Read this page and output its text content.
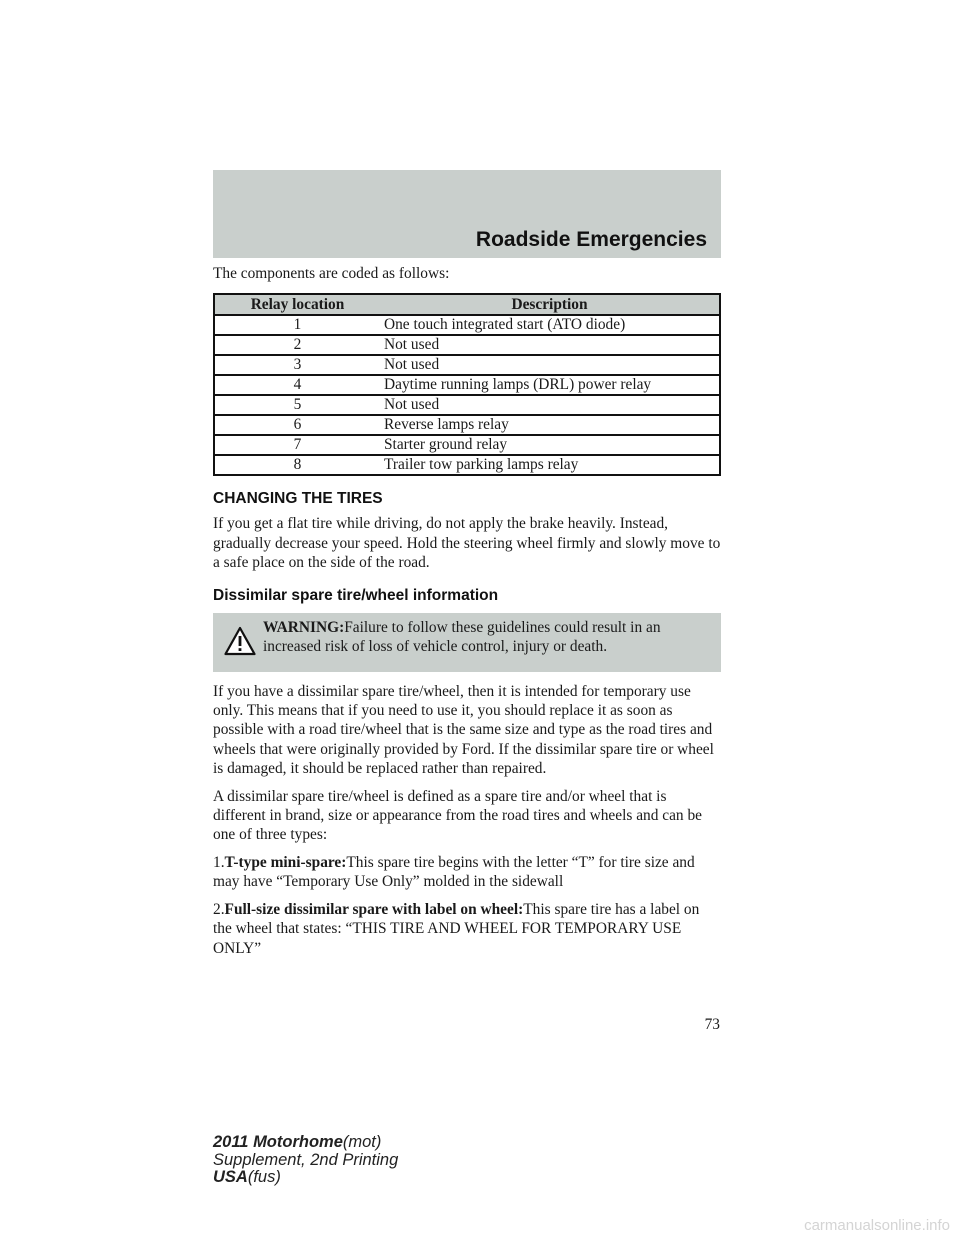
Roadside Emergencies

The components are coded as follows:

Relay location	Description
1	One touch integrated start (ATO diode)
2	Not used
3	Not used
4	Daytime running lamps (DRL) power relay
5	Not used
6	Reverse lamps relay
7	Starter ground relay
8	Trailer tow parking lamps relay
CHANGING THE TIRES

If you get a flat tire while driving, do not apply the brake heavily. Instead, gradually decrease your speed. Hold the steering wheel firmly and slowly move to a safe place on the side of the road.

Dissimilar spare tire/wheel information

WARNING:Failure to follow these guidelines could result in an increased risk of loss of vehicle control, injury or death.

If you have a dissimilar spare tire/wheel, then it is intended for temporary use only. This means that if you need to use it, you should replace it as soon as possible with a road tire/wheel that is the same size and type as the road tires and wheels that were originally provided by Ford. If the dissimilar spare tire or wheel is damaged, it should be replaced rather than repaired.

A dissimilar spare tire/wheel is defined as a spare tire and/or wheel that is different in brand, size or appearance from the road tires and wheels and can be one of three types:

1.T-type mini-spare:This spare tire begins with the letter “T” for tire size and may have “Temporary Use Only” molded in the sidewall

2.Full-size dissimilar spare with label on wheel:This spare tire has a label on the wheel that states: “THIS TIRE AND WHEEL FOR TEMPORARY USE ONLY”

73
2011 Motorhome(mot)
Supplement, 2nd Printing
USA(fus)
carmanualsonline.info
